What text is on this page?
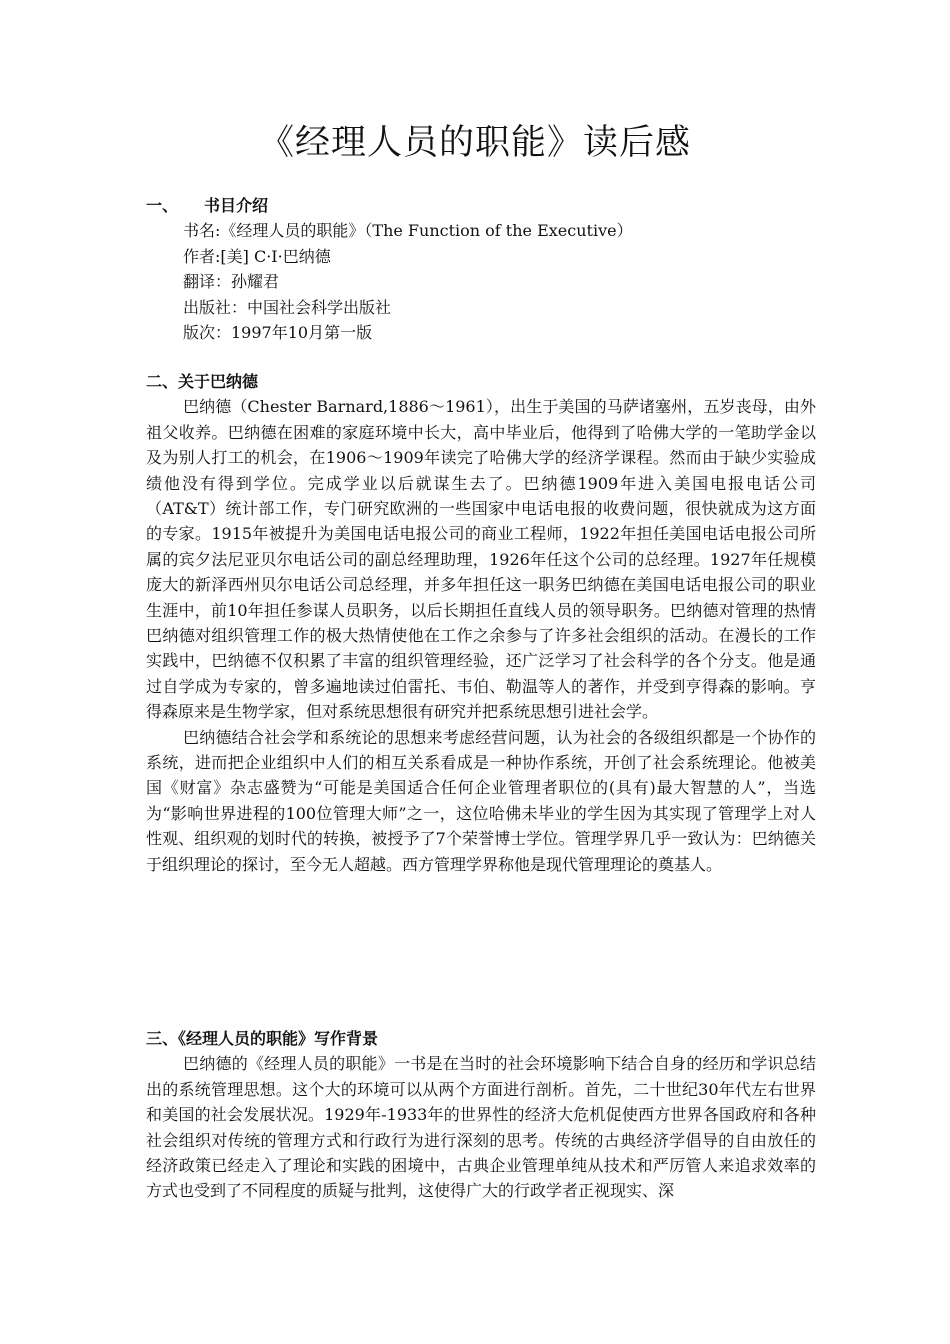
《经理人员的职能》读后感
一、 书目介绍
书名:《经理人员的职能》（The Function of the Executive）
作者:[美] C·I·巴纳德
翻译：孙耀君
出版社：中国社会科学出版社
版次：1997年10月第一版
二、关于巴纳德

巴纳德（Chester Barnard,1886～1961），出生于美国的马萨诸塞州，五岁丧母，由外祖父收养。巴纳德在困难的家庭环境中长大，高中毕业后，他得到了哈佛大学的一笔助学金以及为别人打工的机会，在1906～1909年读完了哈佛大学的经济学课程。然而由于缺少实验成绩他没有得到学位。完成学业以后就谋生去了。巴纳德1909年进入美国电报电话公司（AT&T）统计部工作，专门研究欧洲的一些国家中电话电报的收费问题，很快就成为这方面的专家。1915年被提升为美国电话电报公司的商业工程师，1922年担任美国电话电报公司所属的宾夕法尼亚贝尔电话公司的副总经理助理，1926年任这个公司的总经理。1927年任规模庞大的新泽西州贝尔电话公司总经理，并多年担任这一职务巴纳德在美国电话电报公司的职业生涯中，前10年担任参谋人员职务，以后长期担任直线人员的领导职务。巴纳德对管理的热情巴纳德对组织管理工作的极大热情使他在工作之余参与了许多社会组织的活动。在漫长的工作实践中，巴纳德不仅积累了丰富的组织管理经验，还广泛学习了社会科学的各个分支。他是通过自学成为专家的，曾多遍地读过伯雷托、韦伯、勒温等人的著作，并受到亨得森的影响。亨得森原来是生物学家，但对系统思想很有研究并把系统思想引进社会学。

巴纳德结合社会学和系统论的思想来考虑经营问题，认为社会的各级组织都是一个协作的系统，进而把企业组织中人们的相互关系看成是一种协作系统，开创了社会系统理论。他被美国《财富》杂志盛赞为“可能是美国适合任何企业管理者职位的(具有)最大智慧的人”，当选为“影响世界进程的100位管理大师”之一，这位哈佛未毕业的学生因为其实现了管理学上对人性观、组织观的划时代的转换，被授予了7个荣誉博士学位。管理学界几乎一致认为：巴纳德关于组织理论的探讨，至今无人超越。西方管理学界称他是现代管理理论的奠基人。

三、《经理人员的职能》写作背景

巴纳德的《经理人员的职能》一书是在当时的社会环境影响下结合自身的经历和学识总结出的系统管理思想。这个大的环境可以从两个方面进行剖析。首先，二十世纪30年代左右世界和美国的社会发展状况。1929年-1933年的世界性的经济大危机促使西方世界各国政府和各种社会组织对传统的管理方式和行政行为进行深刻的思考。传统的古典经济学倡导的自由放任的经济政策已经走入了理论和实践的困境中，古典企业管理单纯从技术和严厉管人来追求效率的方式也受到了不同程度的质疑与批判，这使得广大的行政学者正视现实、深
